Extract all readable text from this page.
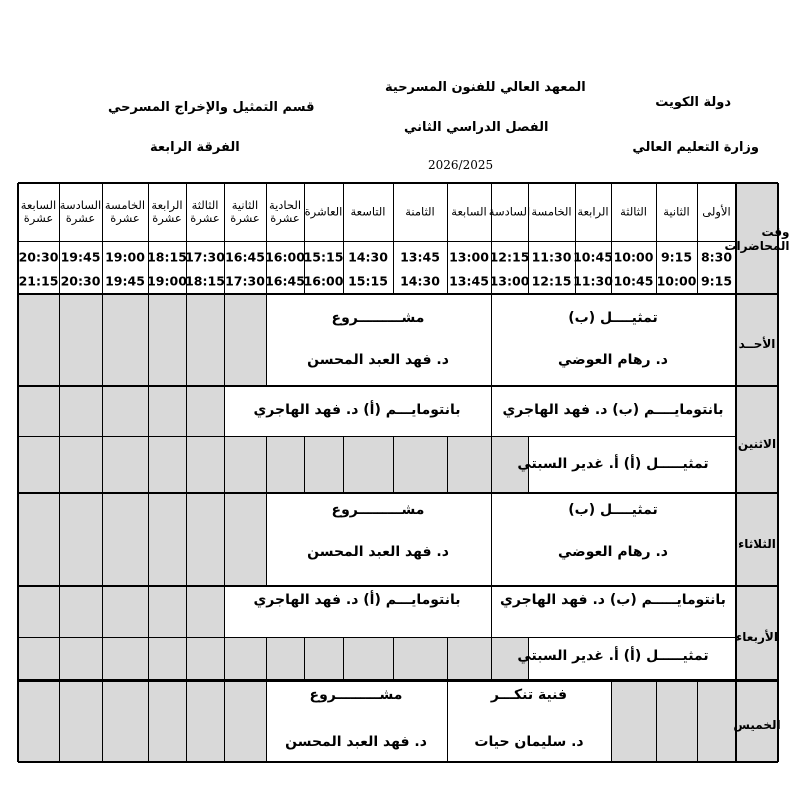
دولة الكويت
وزارة التعليم العالي
المعهد العالي للفنون المسرحية
الفصل الدراسي الثاني
2026/2025
قسم التمثيل والإخراج المسرحي
الفرقة الرابعة
وقت
المحاضرات
الأولى
8:30
9:15
الثانية
9:15
10:00
الثالثة
10:00
10:45
الرابعة
10:45
11:30
الخامسة
11:30
12:15
السادسة
12:15
13:00
السابعة
13:00
13:45
الثامنة
13:45
14:30
التاسعة
14:30
15:15
العاشرة
15:15
16:00
الحادية
عشرة
16:00
16:45
الثانية
عشرة
16:45
17:30
الثالثة
عشرة
17:30
18:15
الرابعة
عشرة
18:15
19:00
الخامسة
عشرة
19:00
19:45
السادسة
عشرة
19:45
20:30
السابعة
عشرة
20:30
21:15
الأحــد
الاثنين
الثلاثاء
الأربعاء
الخميس
تمثيــــل (ب)
د. رهام العوضي
مشـــــــــروع
د. فهد العبد المحسن
بانتومايــــم (ب) د. فهد الهاجري
بانتومايـــم (أ) د. فهد الهاجري
تمثيـــــل (أ) أ. غدير السبتي
تمثيــــل (ب)
د. رهام العوضي
مشـــــــــروع
د. فهد العبد المحسن
بانتومايـــــم (ب) د. فهد الهاجري
بانتومايـــم (أ) د. فهد الهاجري
تمثيـــــل (أ) أ. غدير السبتي
فنية تنكـــر
د. سليمان حيات
مشـــــــــروع
د. فهد العبد المحسن
